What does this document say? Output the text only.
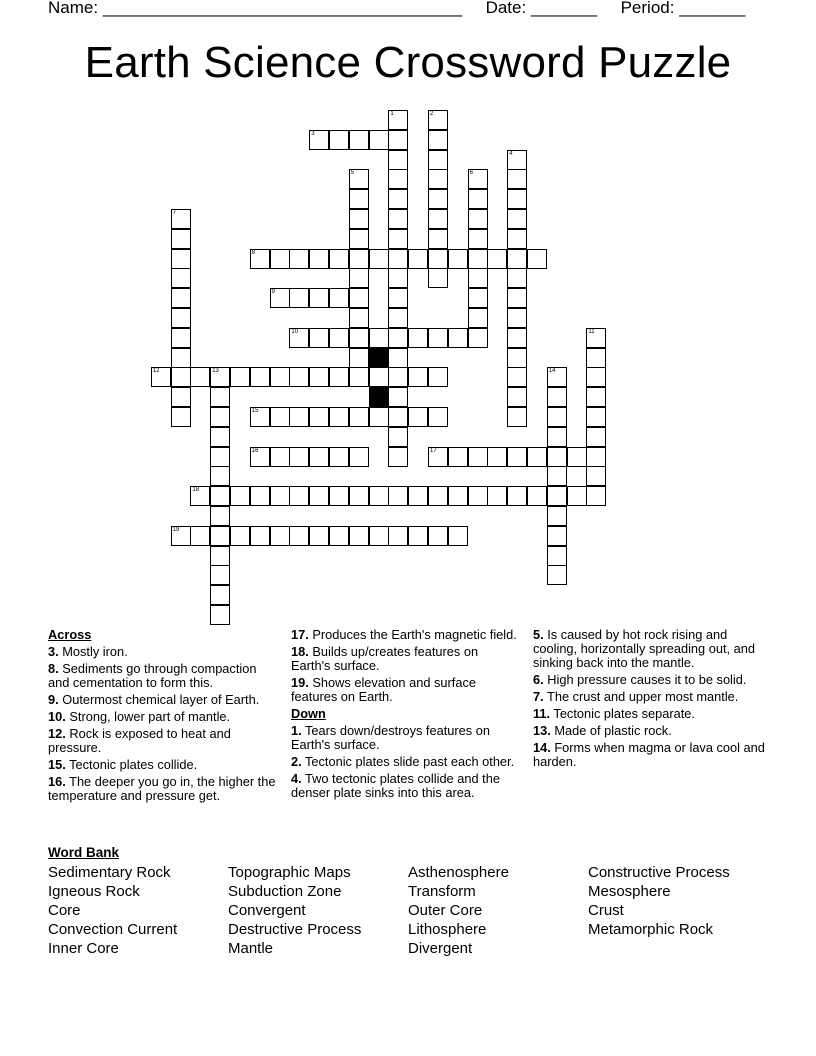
Name: ______________________________________ Date: _______ Period: _______
Earth Science Crossword Puzzle
3
8
9
10
12	13
15
16	17
18
19
1	2
4
5	6
7
11
14

Across

3. Mostly iron.

8. Sediments go through compaction and cementation to form this.

9. Outermost chemical layer of Earth.

10. Strong, lower part of mantle.

12. Rock is exposed to heat and pressure.

15. Tectonic plates collide.

16. The deeper you go in, the higher the temperature and pressure get.

17. Produces the Earth's magnetic field.

18. Builds up/creates features on Earth's surface.

19. Shows elevation and surface features on Earth.

Down

1. Tears down/destroys features on Earth's surface.

2. Tectonic plates slide past each other.

4. Two tectonic plates collide and the denser plate sinks into this area.

5. Is caused by hot rock rising and cooling, horizontally spreading out, and sinking back into the mantle.

6. High pressure causes it to be solid.

7. The crust and upper most mantle.

11. Tectonic plates separate.

13. Made of plastic rock.

14. Forms when magma or lava cool and harden.

Word Bank
Sedimentary Rock
Igneous Rock
Core
Convection Current
Inner Core
Topographic Maps
Subduction Zone
Convergent
Destructive Process
Mantle
Asthenosphere
Transform
Outer Core
Lithosphere
Divergent
Constructive Process
Mesosphere
Crust
Metamorphic Rock
